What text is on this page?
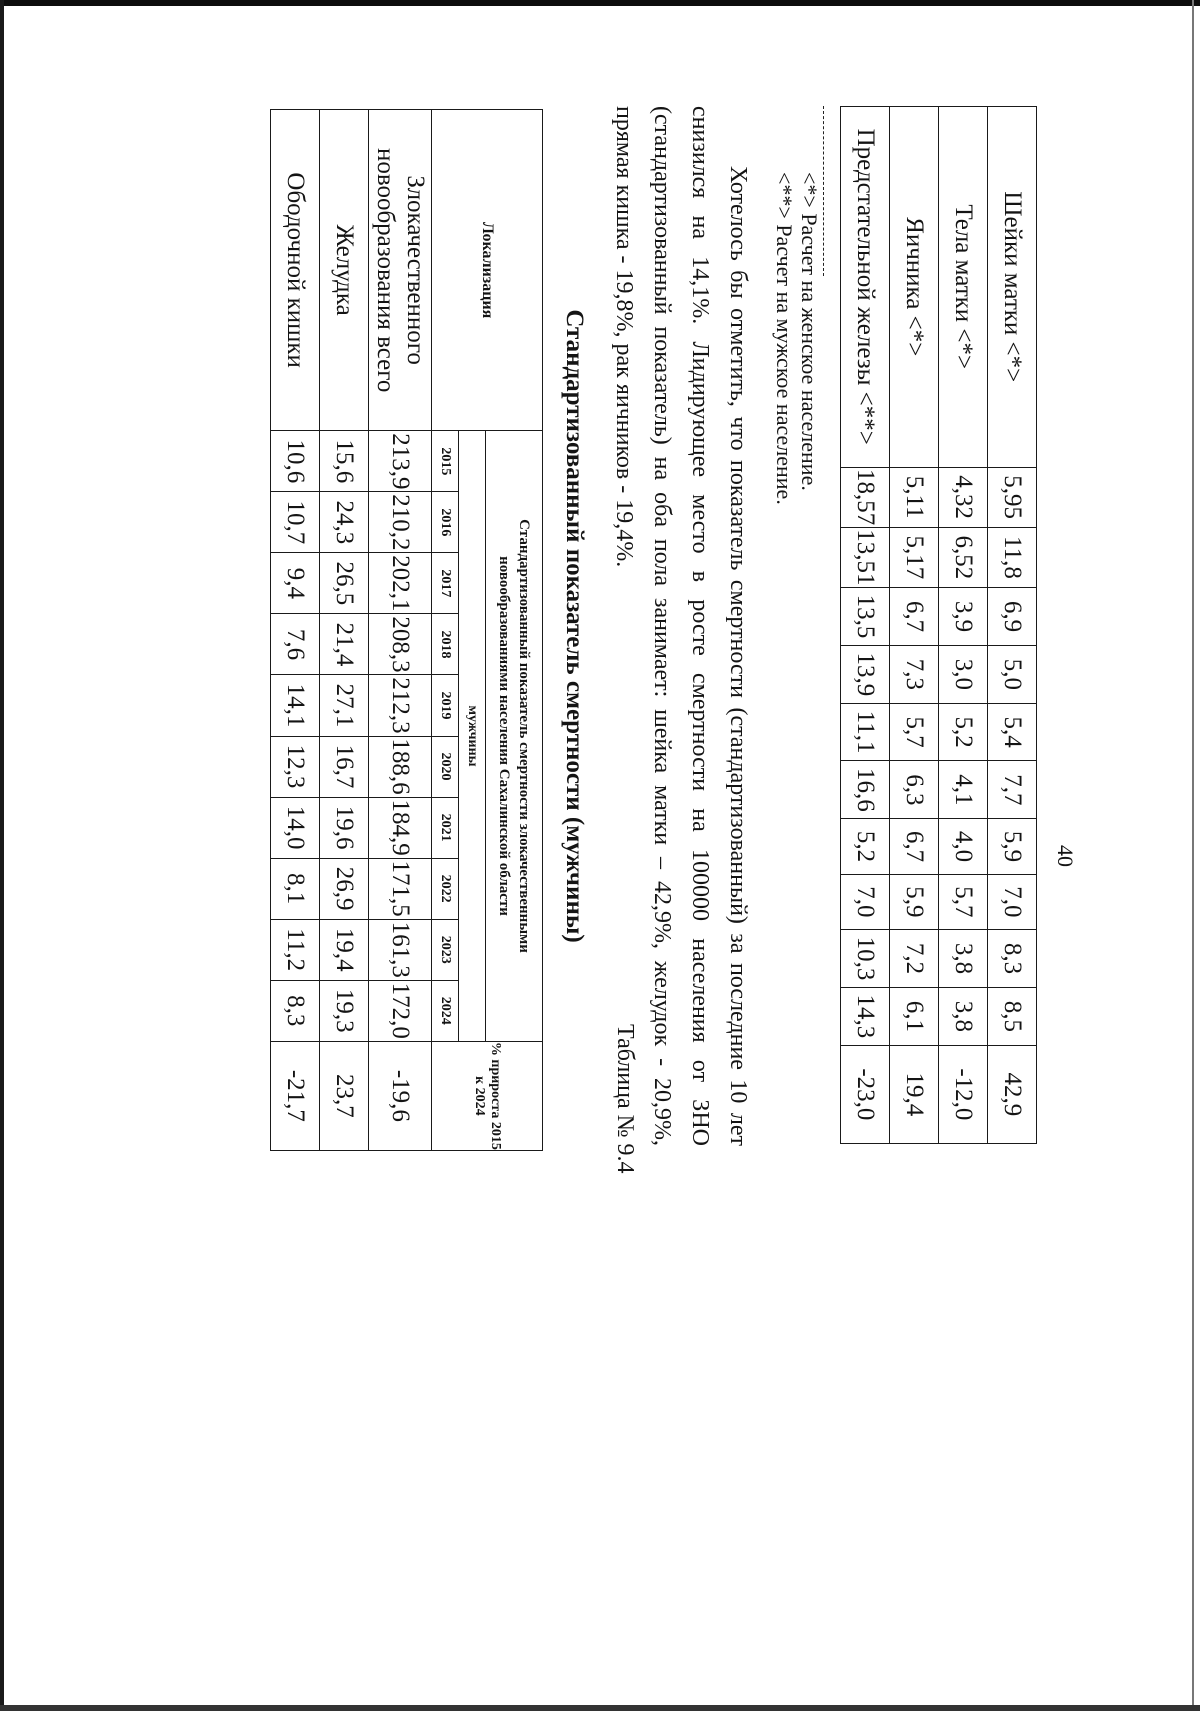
40
Шейки матки <*>	5,95	11,8	6,9	5,0	5,4	7,7	5,9	7,0	8,3	8,5	42,9
Тела матки <*>	4,32	6,52	3,9	3,0	5,2	4,1	4,0	5,7	3,8	3,8	-12,0
Яичника <*>	5,11	5,17	6,7	7,3	5,7	6,3	6,7	5,9	7,2	6,1	19,4
Предстательной железы <**>	18,57	13,51	13,5	13,9	11,1	16,6	5,2	7,0	10,3	14,3	-23,0
<*> Расчет на женское население.
<**> Расчет на мужское население.
Хотелось бы отметить, что показатель смертности (стандартизованный) за последние 10 лет снизился на 14,1%. Лидирующее место в росте смертности на 100000 населения от ЗНО (стандартизованный показатель) на оба пола занимает: шейка матки – 42,9%, желудок - 20,9%, прямая кишка - 19,8%, рак яичников - 19,4%.
Таблица № 9.4
Стандартизованный показатель смертности (мужчины)
Локализация	Стандартизованный показатель смертности злокачественными новообразованиями населения Сахалинской области										% прироста 2015 к 2024
	мужчины										
	2015	2016	2017	2018	2019	2020	2021	2022	2023	2024	
Злокачественного новообразования всего	213,9	210,2	202,1	208,3	212,3	188,6	184,9	171,5	161,3	172,0	-19,6
Желудка	15,6	24,3	26,5	21,4	27,1	16,7	19,6	26,9	19,4	19,3	23,7
Ободочной кишки	10,6	10,7	9,4	7,6	14,1	12,3	14,0	8,1	11,2	8,3	-21,7
